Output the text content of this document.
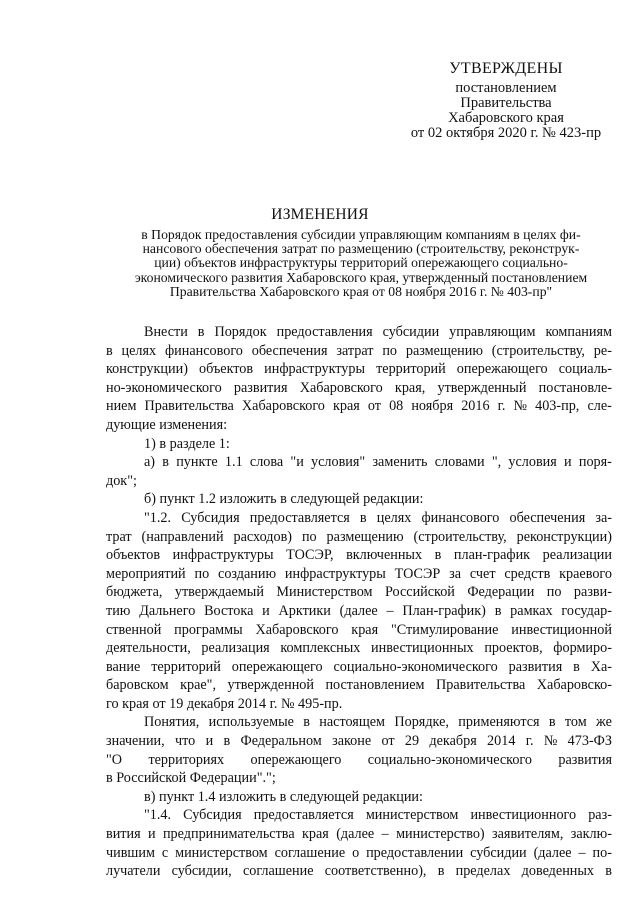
УТВЕРЖДЕНЫ
постановлением
Правительства
Хабаровского края
от 02 октября 2020 г. № 423-пр
ИЗМЕНЕНИЯ
в Порядок предоставления субсидии управляющим компаниям в целях фи-
нансового обеспечения затрат по размещению (строительству, реконструк-
ции) объектов инфраструктуры территорий опережающего социально-
экономического развития Хабаровского края, утвержденный постановлением
Правительства Хабаровского края от 08 ноября 2016 г. № 403-пр"
Внести в Порядок предоставления субсидии управляющим компаниям
в целях финансового обеспечения затрат по размещению (строительству, ре-
конструкции) объектов инфраструктуры территорий опережающего социаль-
но-экономического развития Хабаровского края, утвержденный постановле-
нием Правительства Хабаровского края от 08 ноября 2016 г. № 403-пр, сле-
дующие изменения:
1) в разделе 1:
а) в пункте 1.1 слова "и условия" заменить словами ", условия и поря-
док";
б) пункт 1.2 изложить в следующей редакции:
"1.2. Субсидия предоставляется в целях финансового обеспечения за-
трат (направлений расходов) по размещению (строительству, реконструкции)
объектов инфраструктуры ТОСЭР, включенных в план-график реализации
мероприятий по созданию инфраструктуры ТОСЭР за счет средств краевого
бюджета, утверждаемый Министерством Российской Федерации по разви-
тию Дальнего Востока и Арктики (далее – План-график) в рамках государ-
ственной программы Хабаровского края "Стимулирование инвестиционной
деятельности, реализация комплексных инвестиционных проектов, формиро-
вание территорий опережающего социально-экономического развития в Ха-
баровском крае", утвержденной постановлением Правительства Хабаровско-
го края от 19 декабря 2014 г. № 495-пр.
Понятия, используемые в настоящем Порядке, применяются в том же
значении, что и в Федеральном законе от 29 декабря 2014 г. № 473-ФЗ
"О территориях опережающего социально-экономического развития
в Российской Федерации".";
в) пункт 1.4 изложить в следующей редакции:
"1.4. Субсидия предоставляется министерством инвестиционного раз-
вития и предпринимательства края (далее – министерство) заявителям, заклю-
чившим с министерством соглашение о предоставлении субсидии (далее – по-
лучатели субсидии, соглашение соответственно), в пределах доведенных в
